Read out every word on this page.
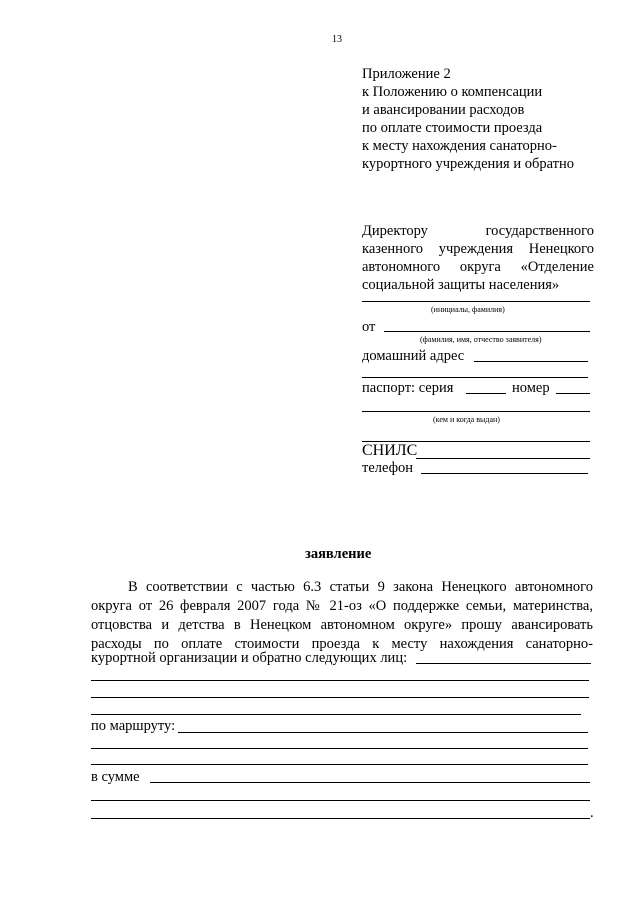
13
Приложение 2
к Положению о компенсации
и авансировании расходов
по оплате стоимости проезда
к месту нахождения санаторно-
курортного учреждения и обратно
Директору государственного
казенного учреждения Ненецкого
автономного округа «Отделение
социальной защиты населения»
(инициалы, фамилия)
от
(фамилия, имя, отчество заявителя)
домашний адрес
паспорт: серия	номер
(кем и когда выдан)
СНИЛС
телефон
заявление
В соответствии с частью 6.3 статьи 9 закона Ненецкого автономного
округа от 26 февраля 2007 года № 21-оз «О поддержке семьи, материнства,
отцовства и детства в Ненецком автономном округе» прошу авансировать
расходы по оплате стоимости проезда к месту нахождения санаторно-
курортной организации и обратно следующих лиц:
по маршруту:
в сумме
.
